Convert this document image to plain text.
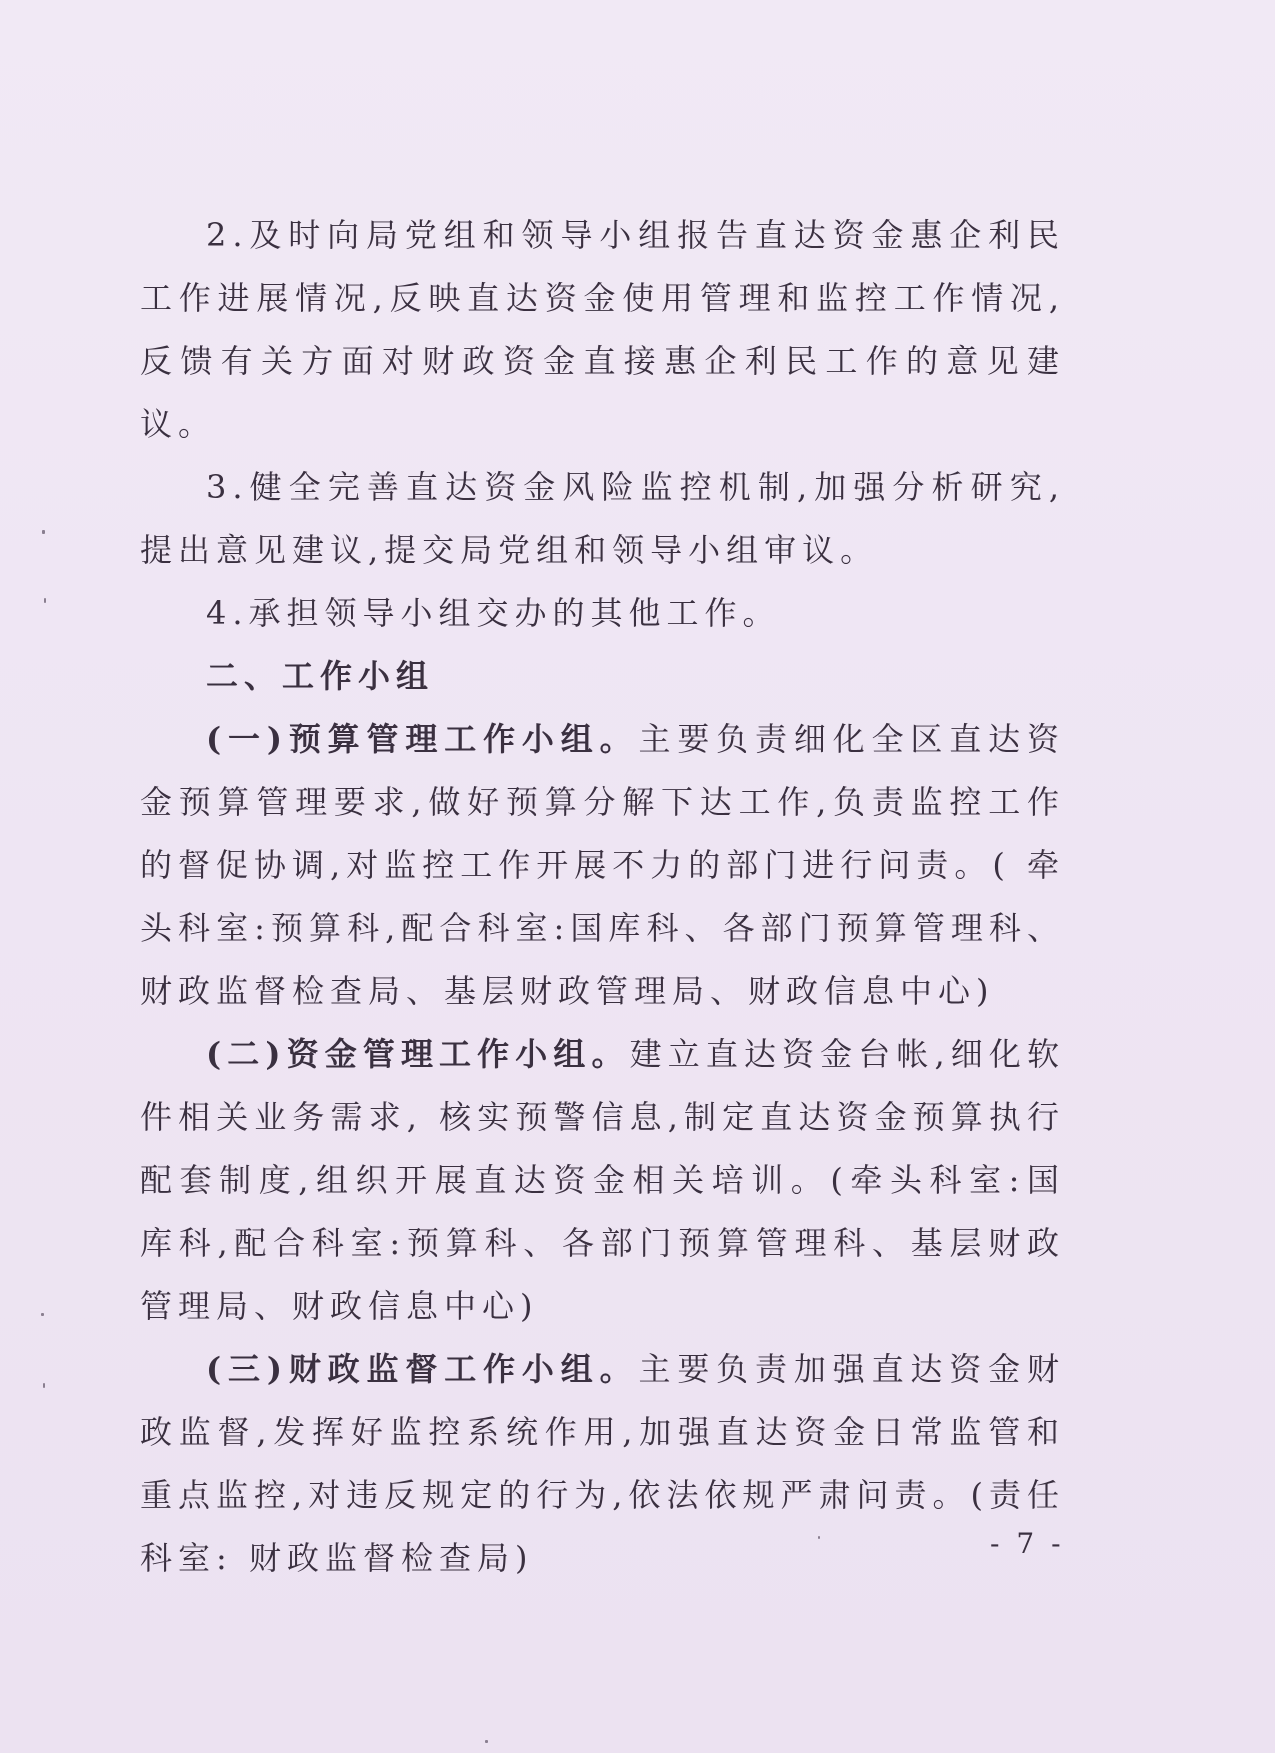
2.及时向局党组和领导小组报告直达资金惠企利民工作进展情况,反映直达资金使用管理和监控工作情况,反馈有关方面对财政资金直接惠企利民工作的意见建议。

3.健全完善直达资金风险监控机制,加强分析研究,提出意见建议,提交局党组和领导小组审议。

4.承担领导小组交办的其他工作。

二、工作小组

(一)预算管理工作小组。主要负责细化全区直达资金预算管理要求,做好预算分解下达工作,负责监控工作的督促协调,对监控工作开展不力的部门进行问责。( 牵头科室:预算科,配合科室:国库科、各部门预算管理科、财政监督检查局、基层财政管理局、财政信息中心)

(二)资金管理工作小组。建立直达资金台帐,细化软件相关业务需求, 核实预警信息,制定直达资金预算执行配套制度,组织开展直达资金相关培训。(牵头科室:国库科,配合科室:预算科、各部门预算管理科、基层财政管理局、财政信息中心)

(三)财政监督工作小组。主要负责加强直达资金财政监督,发挥好监控系统作用,加强直达资金日常监管和重点监控,对违反规定的行为,依法依规严肃问责。(责任科室: 财政监督检查局)	- 7 -
